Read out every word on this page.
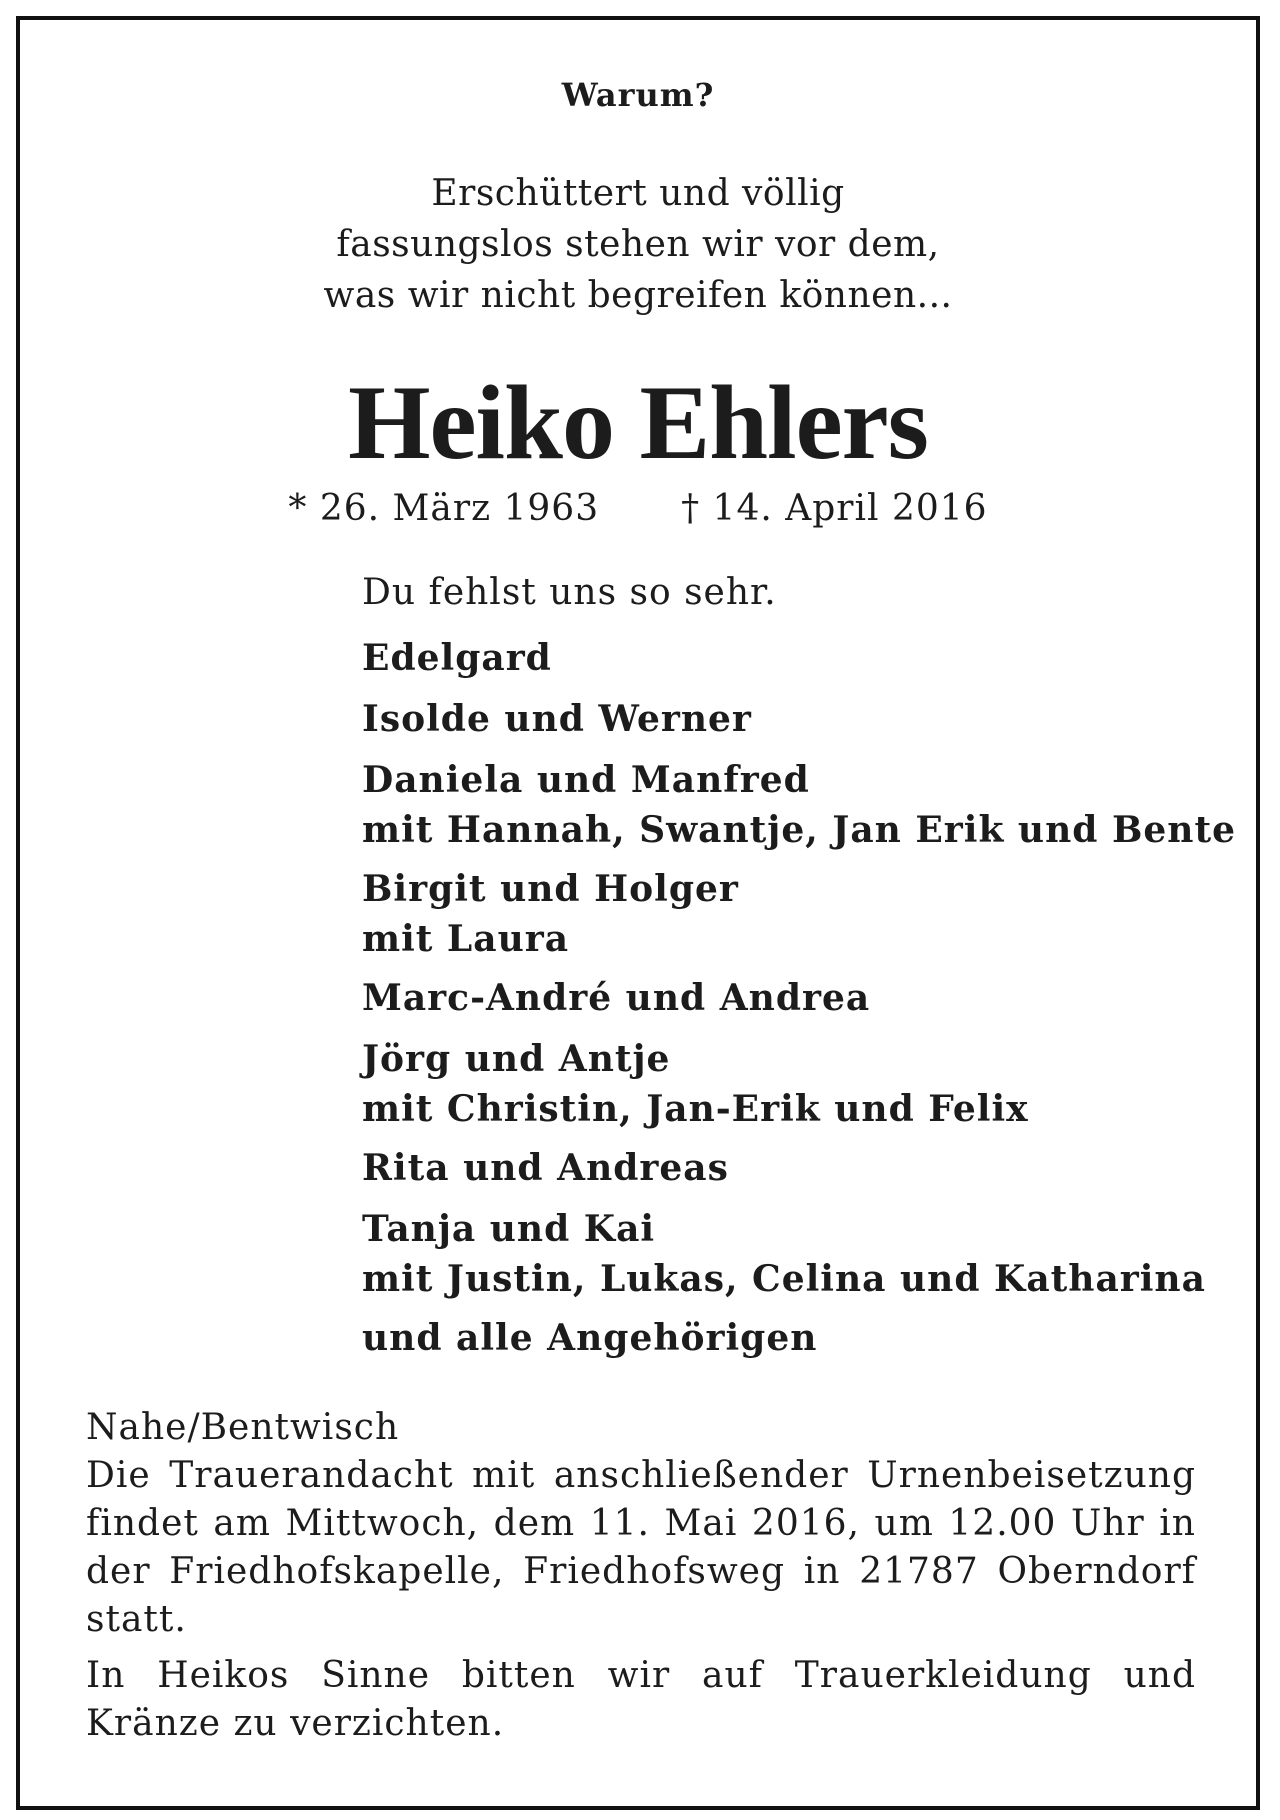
Warum?
Erschüttert und völlig
fassungslos stehen wir vor dem,
was wir nicht begreifen können...
Heiko Ehlers
* 26. März 1963 † 14. April 2016
Du fehlst uns so sehr.
Edelgard
Isolde und Werner
Daniela und Manfred
mit Hannah, Swantje, Jan Erik und Bente
Birgit und Holger
mit Laura
Marc-André und Andrea
Jörg und Antje
mit Christin, Jan-Erik und Felix
Rita und Andreas
Tanja und Kai
mit Justin, Lukas, Celina und Katharina
und alle Angehörigen
Nahe/Bentwisch

Die Trauerandacht mit anschließender Urnenbeisetzung findet am Mittwoch, dem 11. Mai 2016, um 12.00 Uhr in der Friedhofskapelle, Friedhofsweg in 21787 Oberndorf statt.

In Heikos Sinne bitten wir auf Trauerkleidung und Kränze zu verzichten.
